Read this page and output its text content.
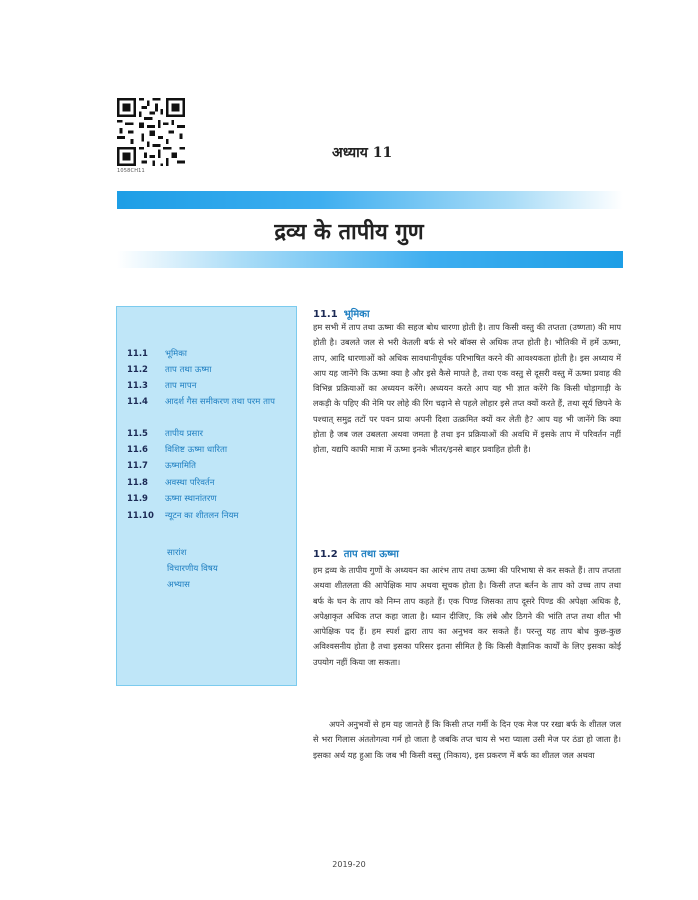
1058CH11
अध्याय 11
द्रव्य के तापीय गुण
11.1	भूमिका
11.2	ताप तथा ऊष्मा
11.3	ताप मापन
11.4	आदर्श गैस समीकरण तथा परम ताप
11.5	तापीय प्रसार
11.6	विशिष्ट ऊष्मा धारिता
11.7	ऊष्मामिति
11.8	अवस्था परिवर्तन
11.9	ऊष्मा स्थानांतरण
11.10	न्यूटन का शीतलन नियम
सारांश
विचारणीय विषय
अभ्यास
11.1 भूमिका

हम सभी में ताप तथा ऊष्मा की सहज बोध धारणा होती है। ताप किसी वस्तु की तप्तता (उष्णता) की माप होती है। उबलते जल से भरी केतली बर्फ से भरे बॉक्स से अधिक तप्त होती है। भौतिकी में हमें ऊष्मा, ताप, आदि धारणाओं को अधिक सावधानीपूर्वक परिभाषित करने की आवश्यकता होती है। इस अध्याय में आप यह जानेंगे कि ऊष्मा क्या है और इसे कैसे मापते है, तथा एक वस्तु से दूसरी वस्तु में ऊष्मा प्रवाह की विभिन्न प्रक्रियाओं का अध्ययन करेंगे। अध्ययन करते आप यह भी ज्ञात करेंगे कि किसी घोड़ागाड़ी के लकड़ी के पहिए की नेमि पर लोहे की रिंग चढ़ाने से पहले लोहार इसे तप्त क्यों करते हैं, तथा सूर्य छिपने के पश्चात् समुद्र तटों पर पवन प्रायः अपनी दिशा उत्क्रमित क्यों कर लेती है? आप यह भी जानेंगे कि क्या होता है जब जल उबलता अथवा जमता है तथा इन प्रक्रियाओं की अवधि में इसके ताप में परिवर्तन नहीं होता, यद्यपि काफी मात्रा में ऊष्मा इनके भीतर/इनसे बाहर प्रवाहित होती है।

11.2 ताप तथा ऊष्मा

हम द्रव्य के तापीय गुणों के अध्ययन का आरंभ ताप तथा ऊष्मा की परिभाषा से कर सकते हैं। ताप तप्तता अथवा शीतलता की आपेक्षिक माप अथवा सूचक होता है। किसी तप्त बर्तन के ताप को उच्च ताप तथा बर्फ के घन के ताप को निम्न ताप कहते हैं। एक पिण्ड जिसका ताप दूसरे पिण्ड की अपेक्षा अधिक है, अपेक्षाकृत अधिक तप्त कहा जाता है। ध्यान दीजिए, कि लंबे और ठिगने की भांति तप्त तथा शीत भी आपेक्षिक पद हैं। हम स्पर्श द्वारा ताप का अनुभव कर सकते हैं। परन्तु यह ताप बोध कुछ-कुछ अविश्वसनीय होता है तथा इसका परिसर इतना सीमित है कि किसी वैज्ञानिक कार्यों के लिए इसका कोई उपयोग नहीं किया जा सकता।

अपने अनुभवों से हम यह जानते हैं कि किसी तप्त गर्मी के दिन एक मेज पर रखा बर्फ के शीतल जल से भरा गिलास अंततोगत्वा गर्म हो जाता है जबकि तप्त चाय से भरा प्याला उसी मेज पर ठंडा हो जाता है। इसका अर्थ यह हुआ कि जब भी किसी वस्तु (निकाय), इस प्रकरण में बर्फ का शीतल जल अथवा

2019-20
